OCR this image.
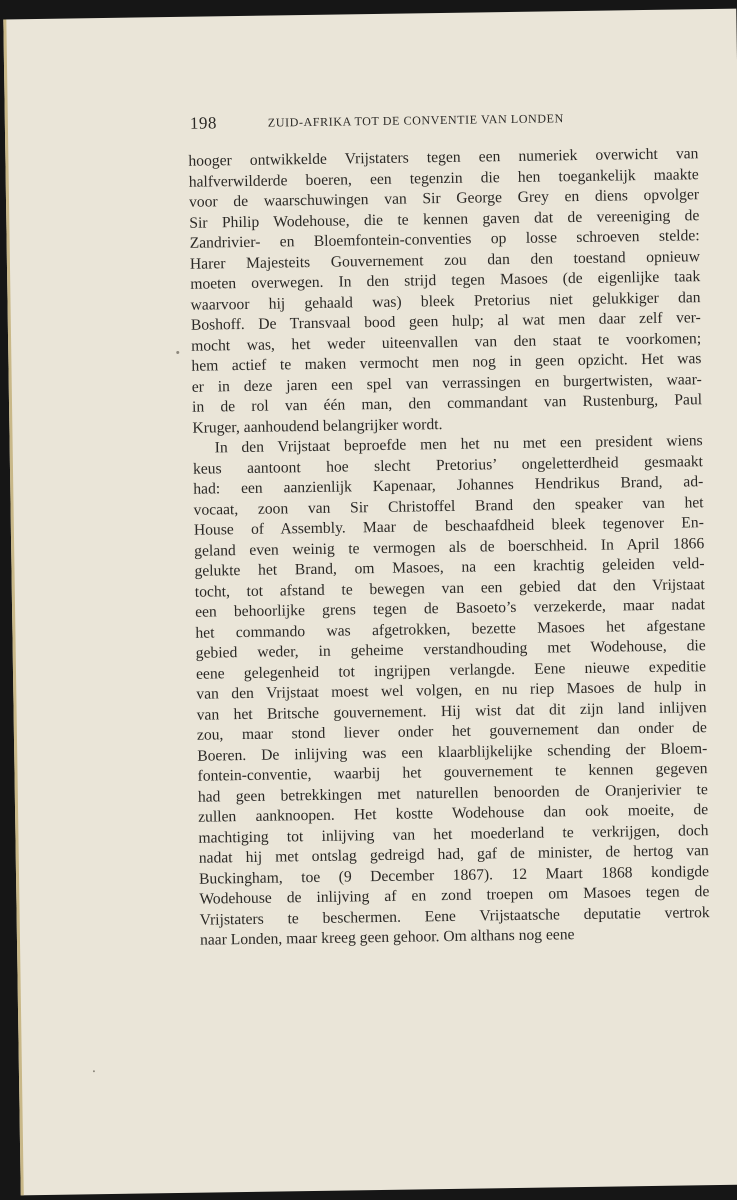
198	ZUID-AFRIKA TOT DE CONVENTIE VAN LONDEN
hooger ontwikkelde Vrijstaters tegen een numeriek overwicht van
halfverwilderde boeren, een tegenzin die hen toegankelijk maakte
voor de waarschuwingen van Sir George Grey en diens opvolger
Sir Philip Wodehouse, die te kennen gaven dat de vereeniging de
Zandrivier- en Bloemfontein-conventies op losse schroeven stelde:
Harer Majesteits Gouvernement zou dan den toestand opnieuw
moeten overwegen. In den strijd tegen Masoes (de eigenlijke taak
waarvoor hij gehaald was) bleek Pretorius niet gelukkiger dan
Boshoff. De Transvaal bood geen hulp; al wat men daar zelf ver-
mocht was, het weder uiteenvallen van den staat te voorkomen;
hem actief te maken vermocht men nog in geen opzicht. Het was
er in deze jaren een spel van verrassingen en burgertwisten, waar-
in de rol van één man, den commandant van Rustenburg, Paul
Kruger, aanhoudend belangrijker wordt.
In den Vrijstaat beproefde men het nu met een president wiens
keus aantoont hoe slecht Pretorius’ ongeletterdheid gesmaakt
had: een aanzienlijk Kapenaar, Johannes Hendrikus Brand, ad-
vocaat, zoon van Sir Christoffel Brand den speaker van het
House of Assembly. Maar de beschaafdheid bleek tegenover En-
geland even weinig te vermogen als de boerschheid. In April 1866
gelukte het Brand, om Masoes, na een krachtig geleiden veld-
tocht, tot afstand te bewegen van een gebied dat den Vrijstaat
een behoorlijke grens tegen de Basoeto’s verzekerde, maar nadat
het commando was afgetrokken, bezette Masoes het afgestane
gebied weder, in geheime verstandhouding met Wodehouse, die
eene gelegenheid tot ingrijpen verlangde. Eene nieuwe expeditie
van den Vrijstaat moest wel volgen, en nu riep Masoes de hulp in
van het Britsche gouvernement. Hij wist dat dit zijn land inlijven
zou, maar stond liever onder het gouvernement dan onder de
Boeren. De inlijving was een klaarblijkelijke schending der Bloem-
fontein-conventie, waarbij het gouvernement te kennen gegeven
had geen betrekkingen met naturellen benoorden de Oranjerivier te
zullen aanknoopen. Het kostte Wodehouse dan ook moeite, de
machtiging tot inlijving van het moederland te verkrijgen, doch
nadat hij met ontslag gedreigd had, gaf de minister, de hertog van
Buckingham, toe (9 December 1867). 12 Maart 1868 kondigde
Wodehouse de inlijving af en zond troepen om Masoes tegen de
Vrijstaters te beschermen. Eene Vrijstaatsche deputatie vertrok
naar Londen, maar kreeg geen gehoor. Om althans nog eene
